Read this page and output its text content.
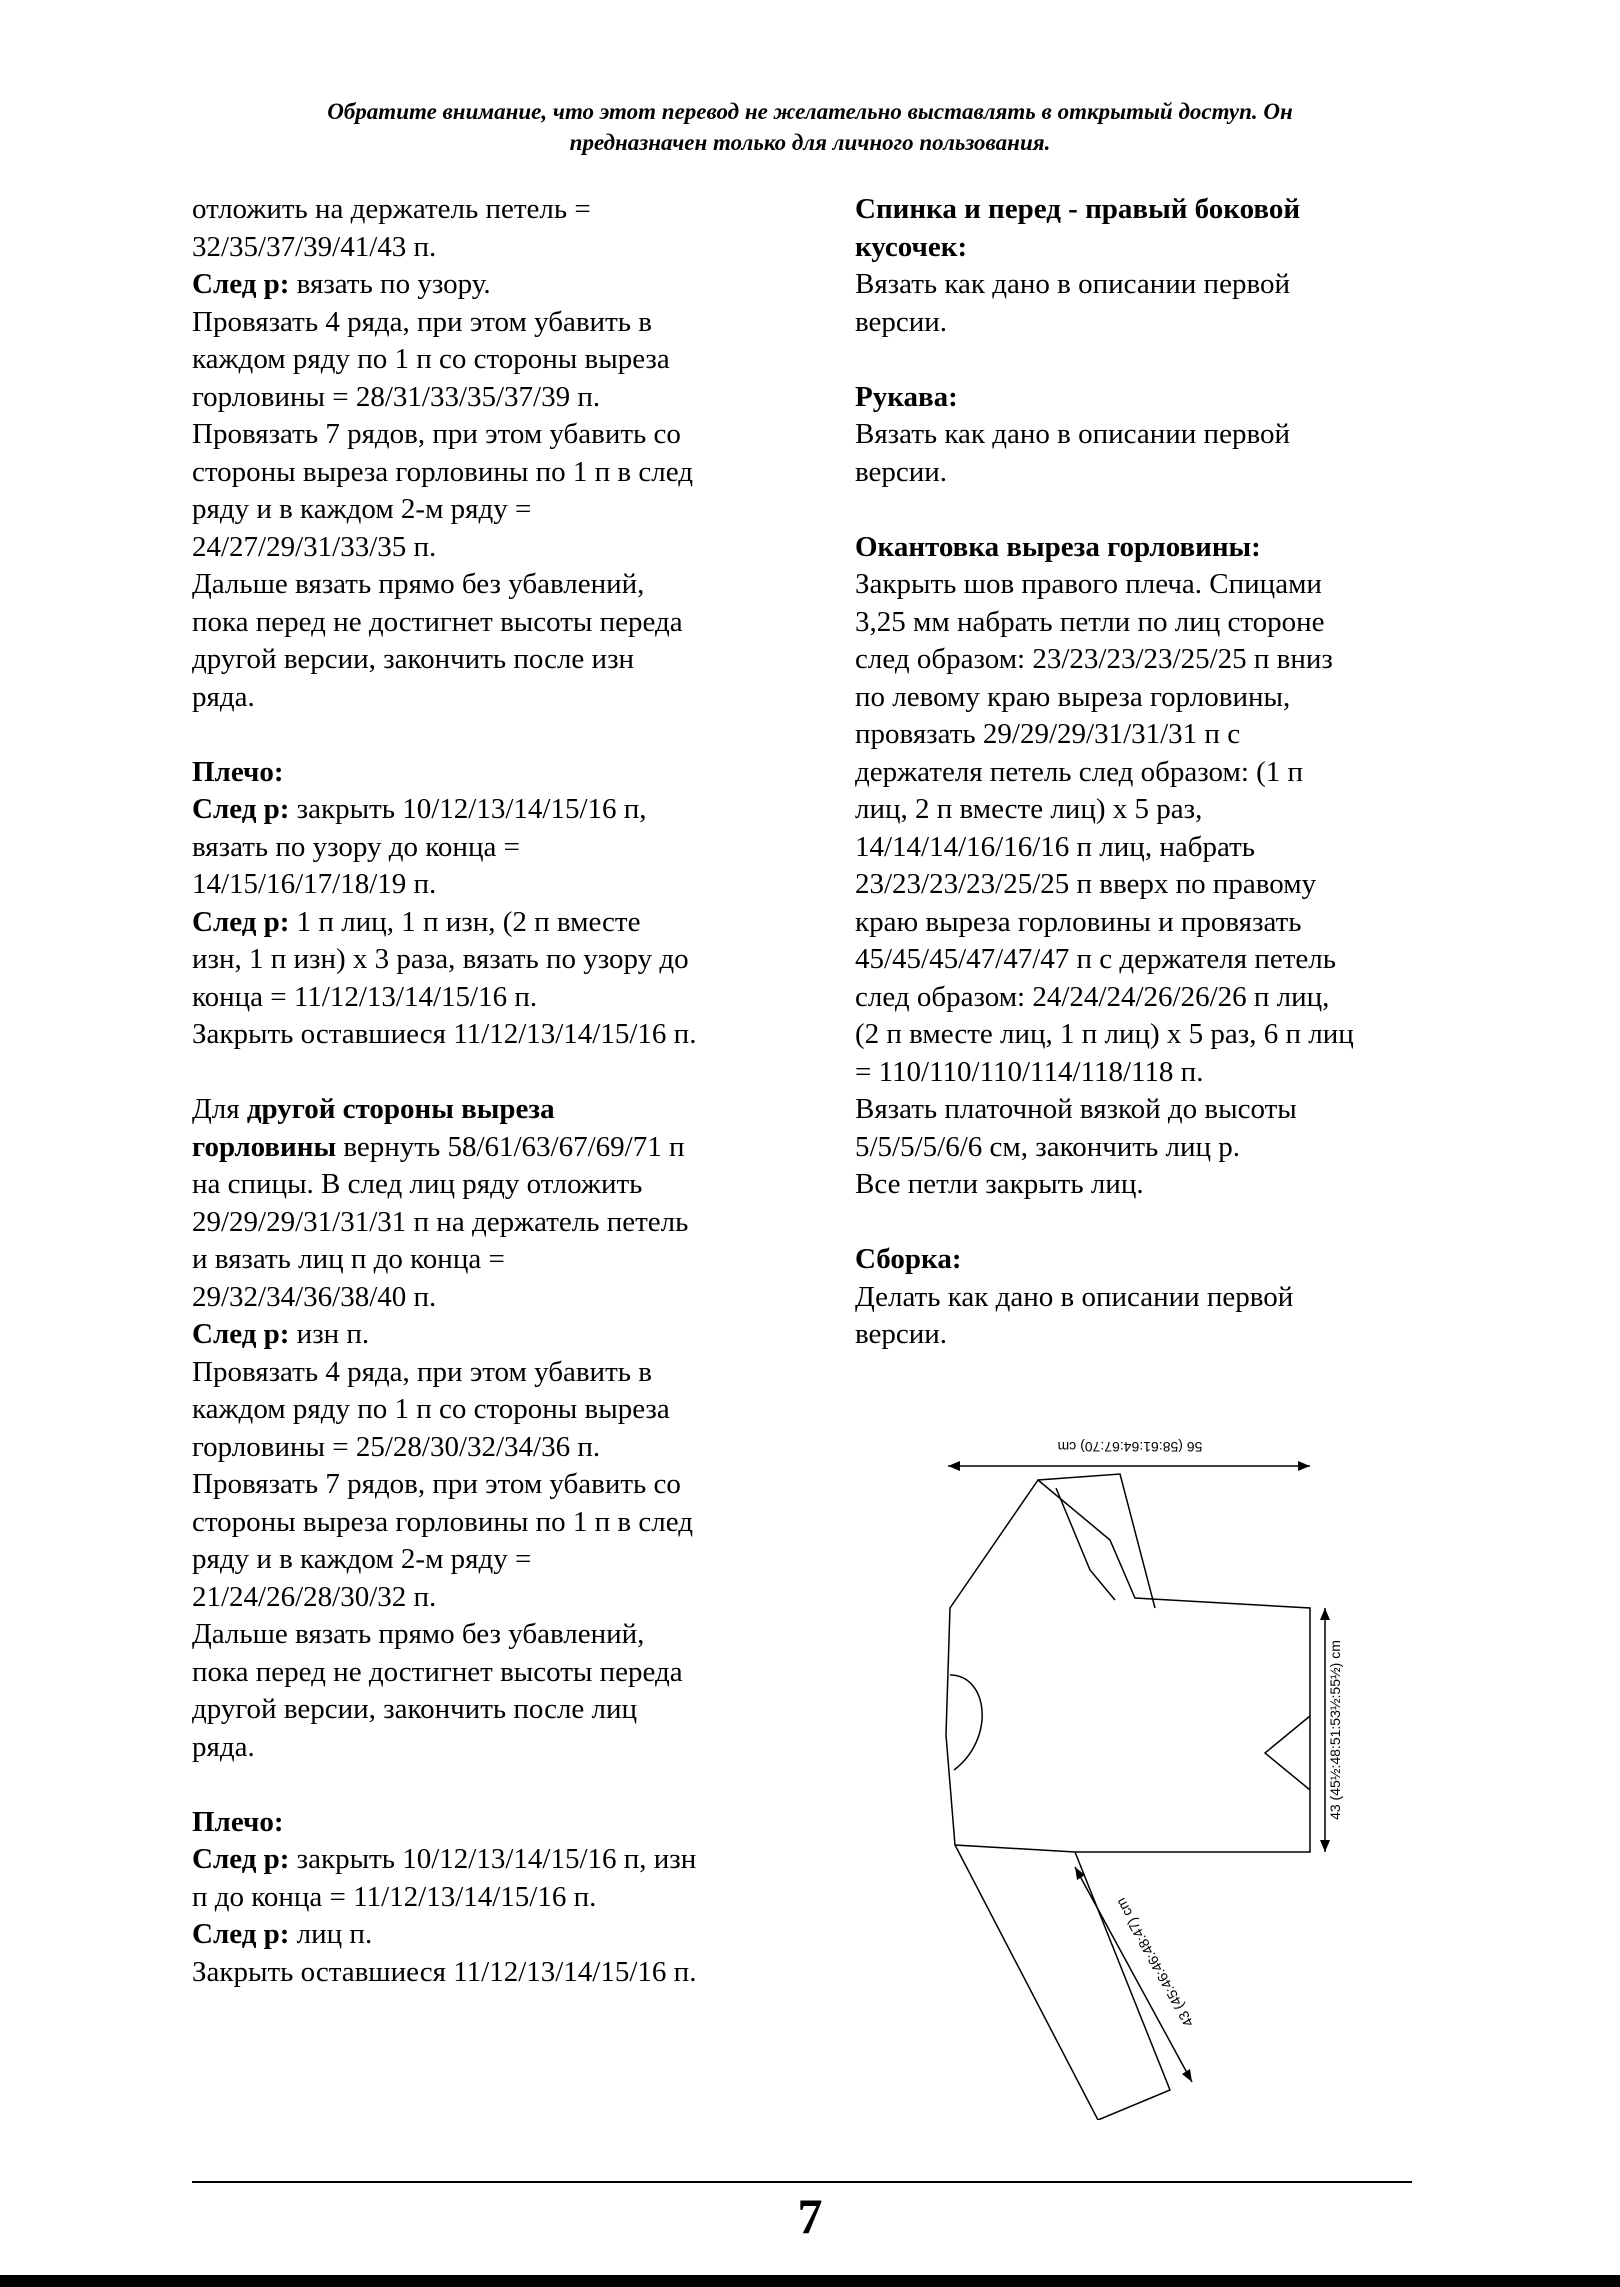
Обратите внимание, что этот перевод не желательно выставлять в открытый доступ. Он
предназначен только для личного пользования.

отложить на держатель петель =

32/35/37/39/41/43 п.

След р: вязать по узору.

Провязать 4 ряда, при этом убавить в

каждом ряду по 1 п со стороны выреза

горловины = 28/31/33/35/37/39 п.

Провязать 7 рядов, при этом убавить со

стороны выреза горловины по 1 п в след

ряду и в каждом 2-м ряду =

24/27/29/31/33/35 п.

Дальше вязать прямо без убавлений,

пока перед не достигнет высоты переда

другой версии, закончить после изн

ряда.

Плечо:

След р: закрыть 10/12/13/14/15/16 п,

вязать по узору до конца =

14/15/16/17/18/19 п.

След р: 1 п лиц, 1 п изн, (2 п вместе

изн, 1 п изн) х 3 раза, вязать по узору до

конца = 11/12/13/14/15/16 п.

Закрыть оставшиеся 11/12/13/14/15/16 п.

Для другой стороны выреза

горловины вернуть 58/61/63/67/69/71 п

на спицы. В след лиц ряду отложить

29/29/29/31/31/31 п на держатель петель

и вязать лиц п до конца =

29/32/34/36/38/40 п.

След р: изн п.

Провязать 4 ряда, при этом убавить в

каждом ряду по 1 п со стороны выреза

горловины = 25/28/30/32/34/36 п.

Провязать 7 рядов, при этом убавить со

стороны выреза горловины по 1 п в след

ряду и в каждом 2-м ряду =

21/24/26/28/30/32 п.

Дальше вязать прямо без убавлений,

пока перед не достигнет высоты переда

другой версии, закончить после лиц

ряда.

Плечо:

След р: закрыть 10/12/13/14/15/16 п, изн

п до конца = 11/12/13/14/15/16 п.

След р: лиц п.

Закрыть оставшиеся 11/12/13/14/15/16 п.

Спинка и перед - правый боковой

кусочек:

Вязать как дано в описании первой

версии.

Рукава:

Вязать как дано в описании первой

версии.

Окантовка выреза горловины:

Закрыть шов правого плеча. Спицами

3,25 мм набрать петли по лиц стороне

след образом: 23/23/23/23/25/25 п вниз

по левому краю выреза горловины,

провязать 29/29/29/31/31/31 п с

держателя петель след образом: (1 п

лиц, 2 п вместе лиц) х 5 раз,

14/14/14/16/16/16 п лиц, набрать

23/23/23/23/25/25 п вверх по правому

краю выреза горловины и провязать

45/45/45/47/47/47 п с держателя петель

след образом: 24/24/24/26/26/26 п лиц,

(2 п вместе лиц, 1 п лиц) х 5 раз, 6 п лиц

= 110/110/110/114/118/118 п.

Вязать платочной вязкой до высоты

5/5/5/5/6/6 см, закончить лиц р.

Все петли закрыть лиц.

Сборка:

Делать как дано в описании первой

версии.

56 (58:61:64:67:70) cm
43 (45½:48:51:53½:55½) cm
43 (45:46:46:48:47) cm
7
